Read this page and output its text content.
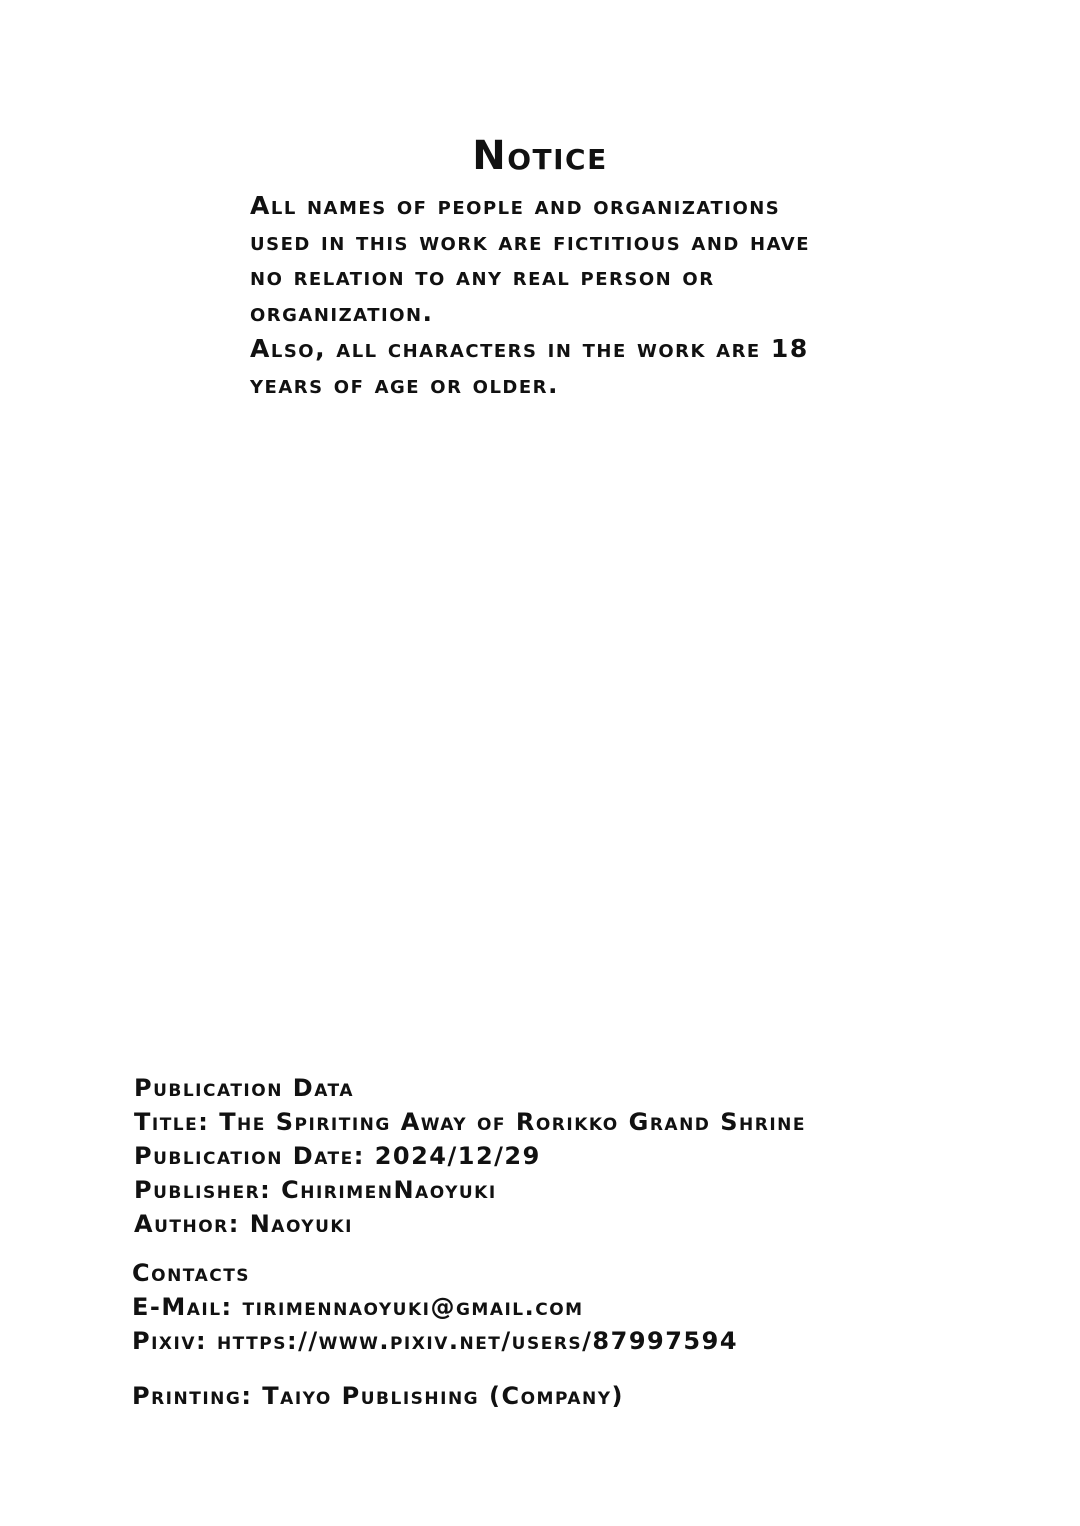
Notice
All names of people and organizations
used in this work are fictitious and have
no relation to any real person or
organization.
Also, all characters in the work are 18
years of age or older.
Publication Data
Title: The Spiriting Away of Rorikko Grand Shrine
Publication Date: 2024/12/29
Publisher: ChirimenNaoyuki
Author: Naoyuki
Contacts
E-Mail: tirimennaoyuki@gmail.com
Pixiv: https://www.pixiv.net/users/87997594
Printing: Taiyo Publishing (Company)
